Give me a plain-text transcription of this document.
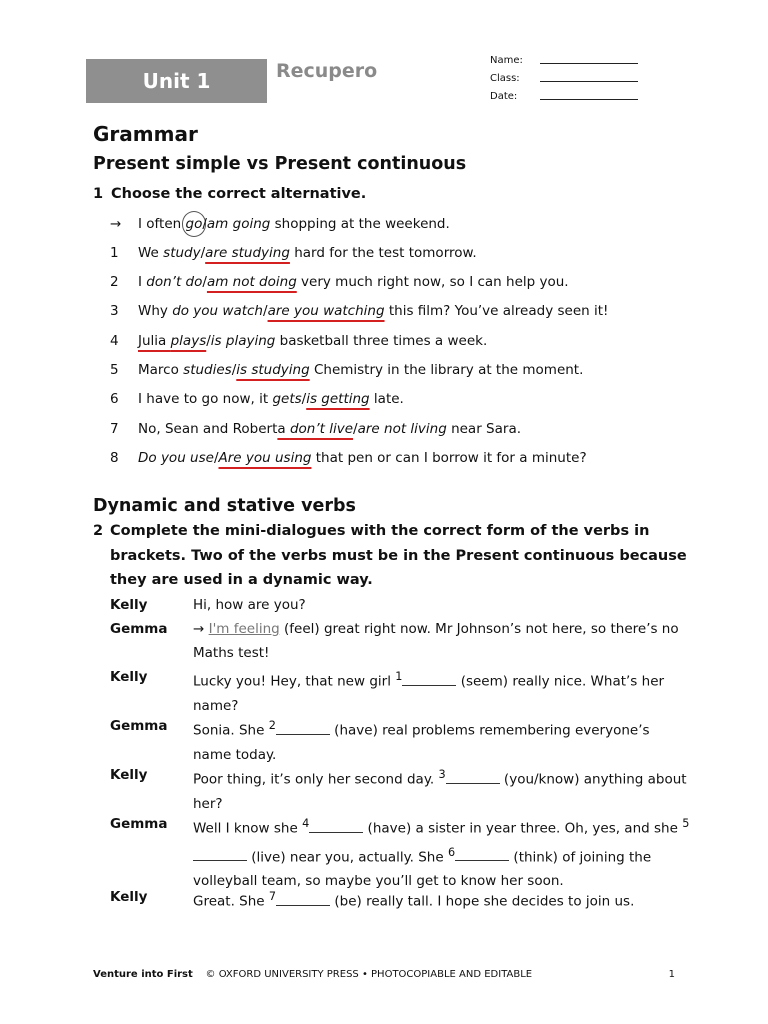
Unit 1	Recupero	Name:
Class:
Date:
Grammar
Present simple vs Present continuous
1 Choose the correct alternative.
→ I often go/am going shopping at the weekend.
1 We study/are studying hard for the test tomorrow.
2 I don’t do/am not doing very much right now, so I can help you.
3 Why do you watch/are you watching this film? You’ve already seen it!
4 Julia plays/is playing basketball three times a week.
5 Marco studies/is studying Chemistry in the library at the moment.
6 I have to go now, it gets/is getting late.
7 No, Sean and Roberta don’t live/are not living near Sara.
8 Do you use/Are you using that pen or can I borrow it for a minute?
Dynamic and stative verbs
2 Complete the mini-dialogues with the correct form of the verbs in brackets. Two of the verbs must be in the Present continuous because they are used in a dynamic way.
Kelly	Hi, how are you?
Gemma → I'm feeling (feel) great right now. Mr Johnson’s not here, so there’s no Maths test!
Kelly	Lucky you! Hey, that new girl $^1$	(seem) really nice. What’s her name?
Gemma Sonia. She $^2$	(have) real problems remembering everyone’s name today.
Kelly	Poor thing, it’s only her second day. $^3$	(you/know) anything about her?
Gemma Well I know she $^4$	(have) a sister in year three. Oh, yes, and she $^5$ (live) near you, actually. She $^6$	(think) of joining the volleyball team, so maybe you’ll get to know her soon.
Kelly	Great. She $^7$	(be) really tall. I hope she decides to join us.
Venture into First © OXFORD UNIVERSITY PRESS • PHOTOCOPIABLE AND EDITABLE	1
